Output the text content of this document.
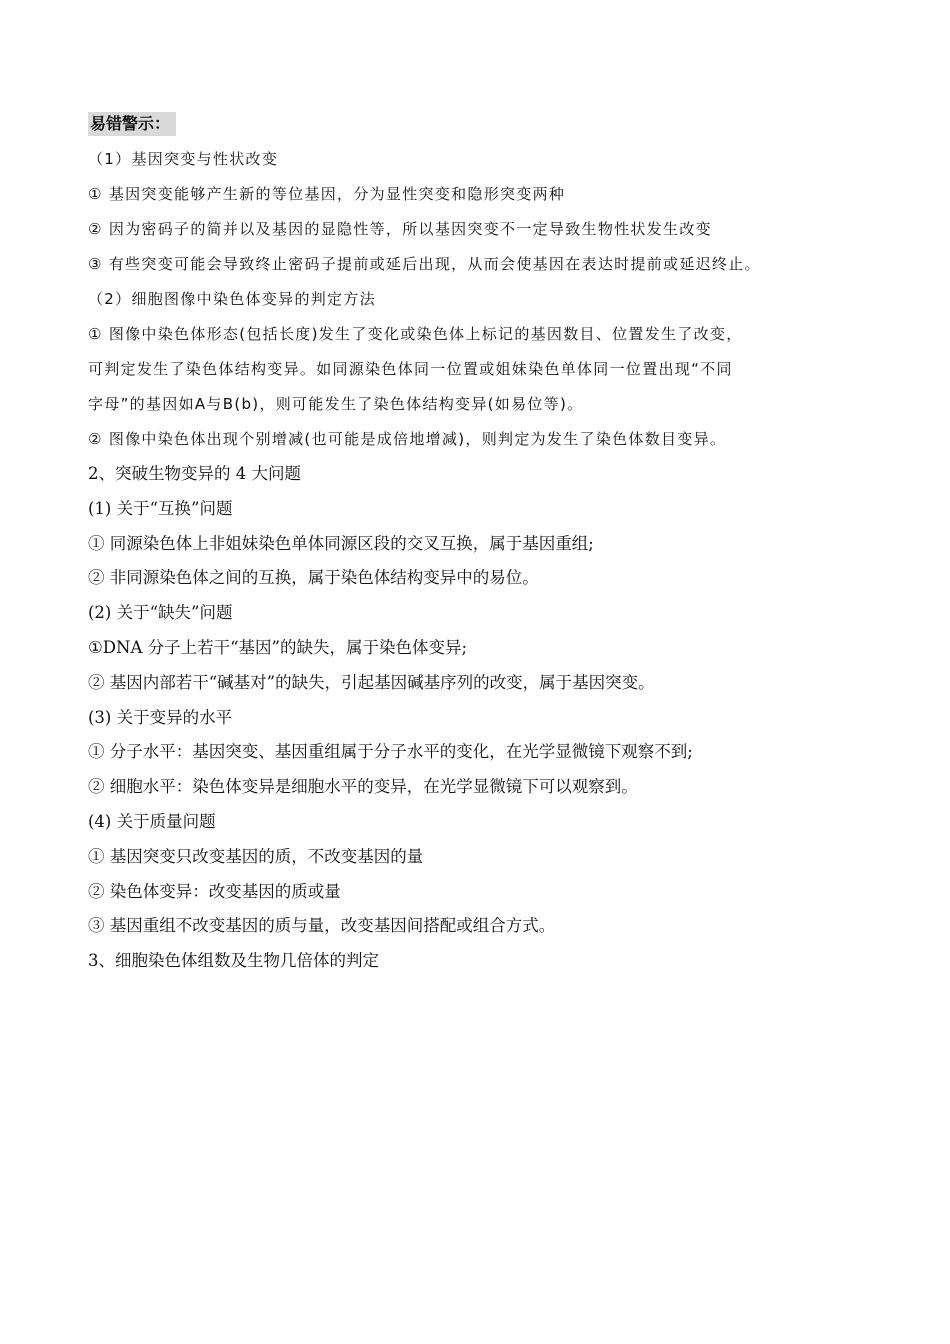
易错警示：
（1）基因突变与性状改变
① 基因突变能够产生新的等位基因，分为显性突变和隐形突变两种
② 因为密码子的简并以及基因的显隐性等，所以基因突变不一定导致生物性状发生改变
③ 有些突变可能会导致终止密码子提前或延后出现，从而会使基因在表达时提前或延迟终止。
（2）细胞图像中染色体变异的判定方法
① 图像中染色体形态(包括长度)发生了变化或染色体上标记的基因数目、位置发生了改变，
可判定发生了染色体结构变异。如同源染色体同一位置或姐妹染色单体同一位置出现“不同
字母”的基因如A与B(b)，则可能发生了染色体结构变异(如易位等)。
② 图像中染色体出现个别增减(也可能是成倍地增减)，则判定为发生了染色体数目变异。
2、突破生物变异的 4 大问题
(1) 关于“互换”问题
① 同源染色体上非姐妹染色单体同源区段的交叉互换，属于基因重组;
② 非同源染色体之间的互换，属于染色体结构变异中的易位。
(2) 关于“缺失”问题
①DNA 分子上若干“基因”的缺失，属于染色体变异;
② 基因内部若干“碱基对”的缺失，引起基因碱基序列的改变，属于基因突变。
(3) 关于变异的水平
① 分子水平：基因突变、基因重组属于分子水平的变化，在光学显微镜下观察不到;
② 细胞水平：染色体变异是细胞水平的变异，在光学显微镜下可以观察到。
(4) 关于质量问题
① 基因突变只改变基因的质，不改变基因的量
② 染色体变异：改变基因的质或量
③ 基因重组不改变基因的质与量，改变基因间搭配或组合方式。
3、细胞染色体组数及生物几倍体的判定
